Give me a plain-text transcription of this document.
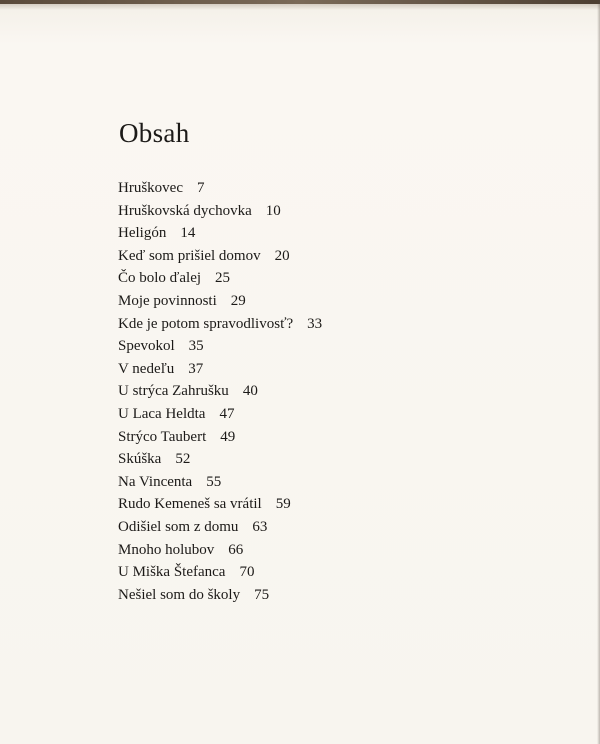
Obsah
Hruškovec 7
Hruškovská dychovka 10
Heligón 14
Keď som prišiel domov 20
Čo bolo ďalej 25
Moje povinnosti 29
Kde je potom spravodlivosť? 33
Spevokol 35
V nedeľu 37
U strýca Zahrušku 40
U Laca Heldta 47
Strýco Taubert 49
Skúška 52
Na Vincenta 55
Rudo Kemeneš sa vrátil 59
Odišiel som z domu 63
Mnoho holubov 66
U Miška Štefanca 70
Nešiel som do školy 75
